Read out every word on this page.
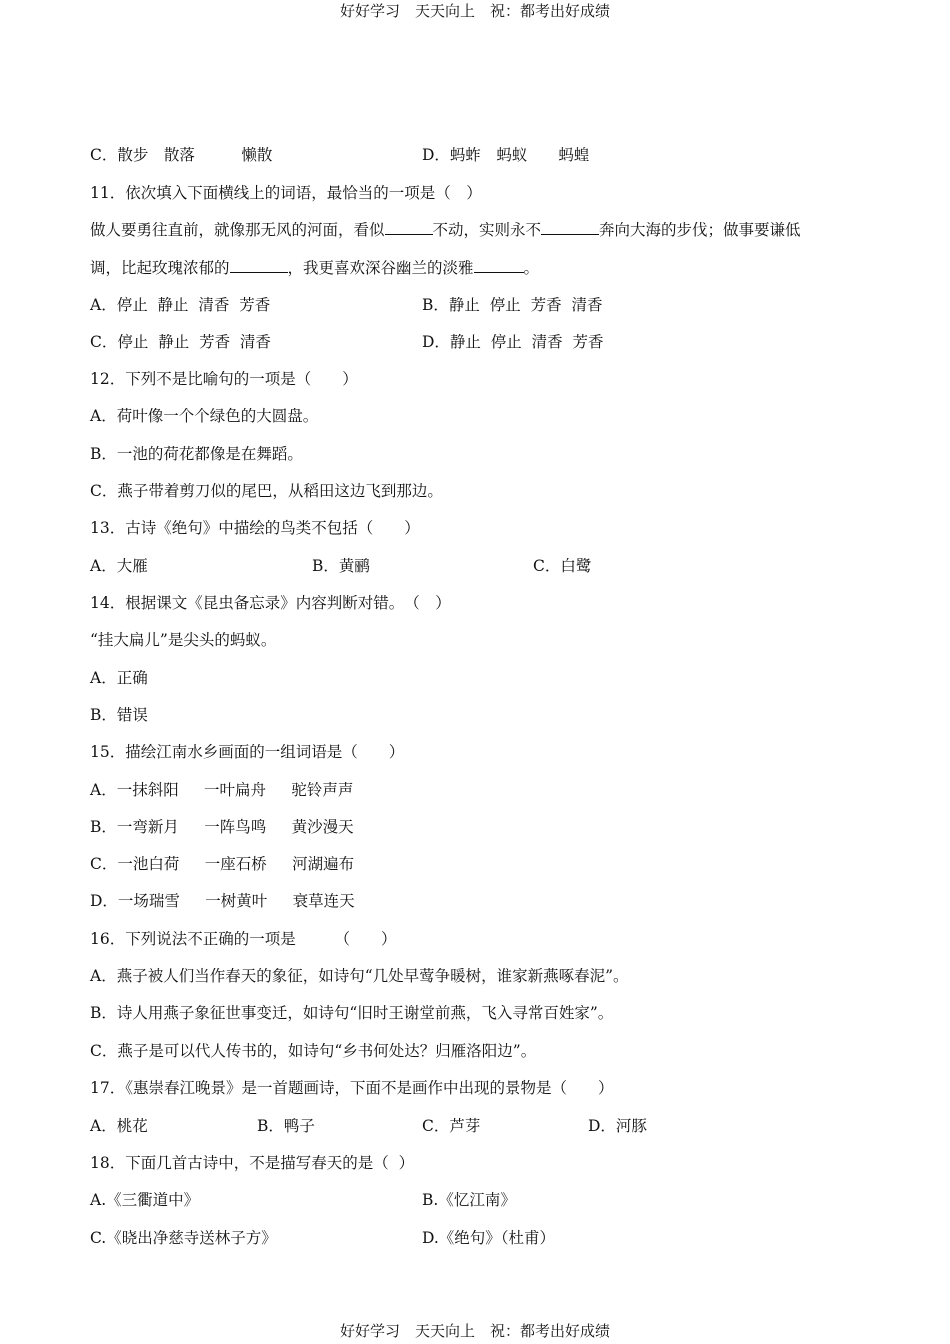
好好学习　天天向上　祝：都考出好成绩
C．散步　散落　　　懒散	D．蚂蚱　蚂蚁　　蚂蝗
11．依次填入下面横线上的词语，最恰当的一项是（　）
做人要勇往直前，就像那无风的河面，看似	不动，实则永不	奔向大海的步伐；做事要谦低
调，比起玫瑰浓郁的	，我更喜欢深谷幽兰的淡雅	。
A．停止  静止  清香  芳香	B．静止  停止  芳香  清香
C．停止  静止  芳香  清香	D．静止  停止  清香  芳香
12．下列不是比喻句的一项是（　　）
A．荷叶像一个个绿色的大圆盘。
B．一池的荷花都像是在舞蹈。
C．燕子带着剪刀似的尾巴，从稻田这边飞到那边。
13．古诗《绝句》中描绘的鸟类不包括（　　）
A．大雁	B．黄鹂	C．白鹭
14．根据课文《昆虫备忘录》内容判断对错。　（　）
“挂大扁儿”是尖头的蚂蚁。
A．正确
B．错误
15．描绘江南水乡画面的一组词语是（　　）
A．一抹斜阳　  一叶扁舟　  驼铃声声
B．一弯新月　  一阵鸟鸣　  黄沙漫天
C．一池白荷　  一座石桥　  河湖遍布
D．一场瑞雪　  一树黄叶　  衰草连天
16．下列说法不正确的一项是　　　（　　）
A．燕子被人们当作春天的象征，如诗句“几处早莺争暖树，谁家新燕啄春泥”。
B．诗人用燕子象征世事变迁，如诗句“旧时王谢堂前燕，飞入寻常百姓家”。
C．燕子是可以代人传书的，如诗句“乡书何处达？归雁洛阳边”。
17．《惠崇春江晚景》是一首题画诗，下面不是画作中出现的景物是（　　）
A．桃花	B．鸭子	C．芦芽	D．河豚
18．下面几首古诗中，不是描写春天的是（  ）
A.《三衢道中》	B.《忆江南》
C.《晓出净慈寺送林子方》	D.《绝句》（杜甫）
好好学习　天天向上　祝：都考出好成绩
